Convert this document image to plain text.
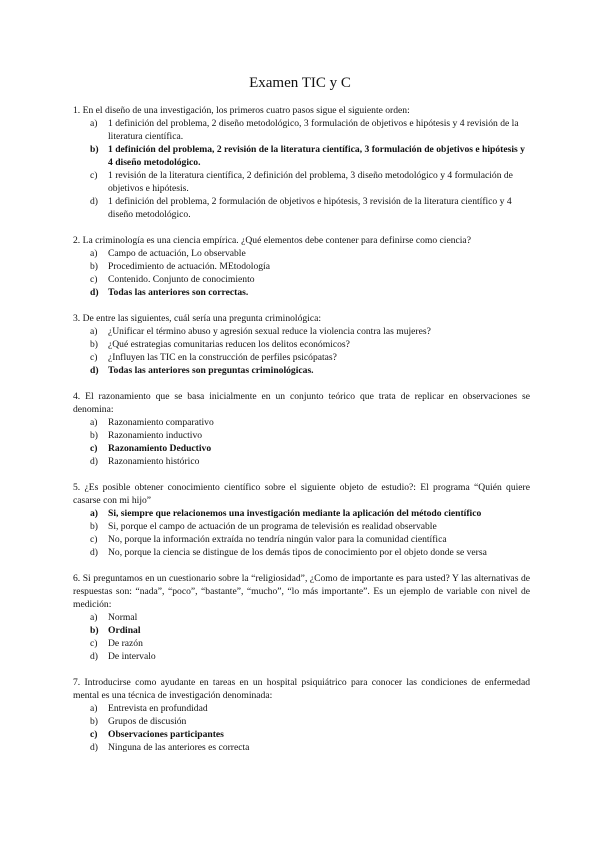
Examen TIC y C

1. En el diseño de una investigación, los primeros cuatro pasos sigue el siguiente orden:

a)	1 definición del problema, 2 diseño metodológico, 3 formulación de objetivos e hipótesis y 4 revisión de la literatura científica.
b) 1 definición del problema, 2 revisión de la literatura científica, 3 formulación de objetivos e hipótesis y 4 diseño metodológico.
c)	1 revisión de la literatura científica, 2 definición del problema, 3 diseño metodológico y 4 formulación de objetivos e hipótesis.
d)	1 definición del problema, 2 formulación de objetivos e hipótesis, 3 revisión de la literatura científico y 4 diseño metodológico.

2. La criminología es una ciencia empírica. ¿Qué elementos debe contener para definirse como ciencia?

a)	Campo de actuación, Lo observable
b)	Procedimiento de actuación. MEtodología
c)	Contenido. Conjunto de conocimiento
d) Todas las anteriores son correctas.

3. De entre las siguientes, cuál sería una pregunta criminológica:

a)	¿Unificar el término abuso y agresión sexual reduce la violencia contra las mujeres?
b)	¿Qué estrategias comunitarias reducen los delitos económicos?
c)	¿Influyen las TIC en la construcción de perfiles psicópatas?
d) Todas las anteriores son preguntas criminológicas.

4. El razonamiento que se basa inicialmente en un conjunto teórico que trata de replicar en observaciones se denomina:

a)	Razonamiento comparativo
b)	Razonamiento inductivo
c)	Razonamiento Deductivo
d)	Razonamiento histórico

5. ¿Es posible obtener conocimiento científico sobre el siguiente objeto de estudio?: El programa “Quién quiere casarse con mi hijo”

a)	Si, siempre que relacionemos una investigación mediante la aplicación del método científico
b)	Si, porque el campo de actuación de un programa de televisión es realidad observable
c)	No, porque la información extraída no tendría ningún valor para la comunidad científica
d)	No, porque la ciencia se distingue de los demás tipos de conocimiento por el objeto donde se versa

6. Si preguntamos en un cuestionario sobre la “religiosidad”, ¿Como de importante es para usted? Y las alternativas de respuestas son: “nada”, “poco”, “bastante”, “mucho”, “lo más importante”. Es un ejemplo de variable con nivel de medición:

a)	Normal
b) Ordinal
c)	De razón
d)	De intervalo

7. Introducirse como ayudante en tareas en un hospital psiquiátrico para conocer las condiciones de enfermedad mental es una técnica de investigación denominada:

a)	Entrevista en profundidad
b)	Grupos de discusión
c)	Observaciones participantes
d)	Ninguna de las anteriores es correcta
